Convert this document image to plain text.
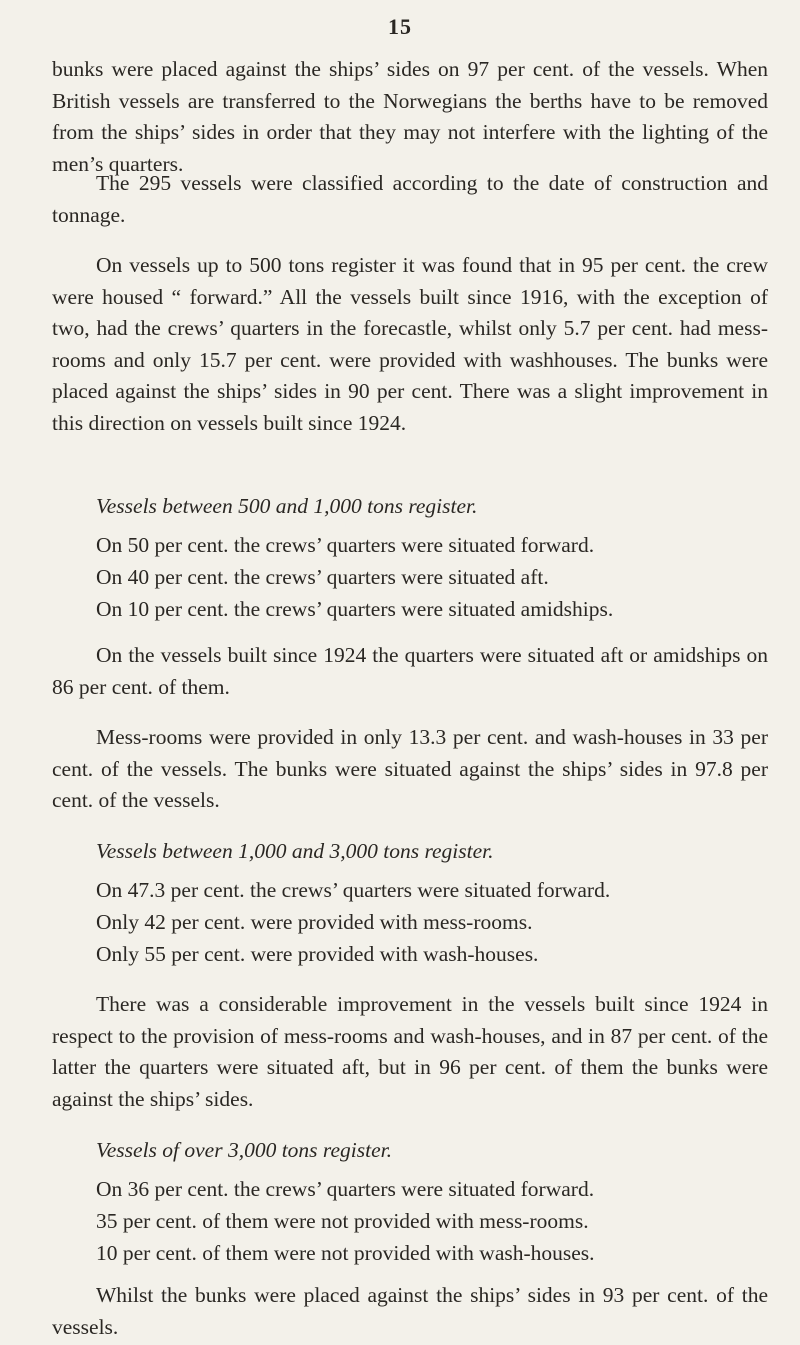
15

bunks were placed against the ships’ sides on 97 per cent. of the vessels. When British vessels are transferred to the Norwegians the berths have to be removed from the ships’ sides in order that they may not interfere with the lighting of the men’s quarters.

The 295 vessels were classified according to the date of construction and tonnage.

On vessels up to 500 tons register it was found that in 95 per cent. the crew were housed “ forward.” All the vessels built since 1916, with the exception of two, had the crews’ quarters in the forecastle, whilst only 5.7 per cent. had mess-rooms and only 15.7 per cent. were provided with washhouses. The bunks were placed against the ships’ sides in 90 per cent. There was a slight improvement in this direction on vessels built since 1924.

Vessels between 500 and 1,000 tons register.
On 50 per cent. the crews’ quarters were situated forward.
On 40 per cent. the crews’ quarters were situated aft.
On 10 per cent. the crews’ quarters were situated amidships.

On the vessels built since 1924 the quarters were situated aft or amidships on 86 per cent. of them.

Mess-rooms were provided in only 13.3 per cent. and wash-houses in 33 per cent. of the vessels. The bunks were situated against the ships’ sides in 97.8 per cent. of the vessels.

Vessels between 1,000 and 3,000 tons register.
On 47.3 per cent. the crews’ quarters were situated forward.
Only 42 per cent. were provided with mess-rooms.
Only 55 per cent. were provided with wash-houses.

There was a considerable improvement in the vessels built since 1924 in respect to the provision of mess-rooms and wash-houses, and in 87 per cent. of the latter the quarters were situated aft, but in 96 per cent. of them the bunks were against the ships’ sides.

Vessels of over 3,000 tons register.
On 36 per cent. the crews’ quarters were situated forward.
35 per cent. of them were not provided with mess-rooms.
10 per cent. of them were not provided with wash-houses.

Whilst the bunks were placed against the ships’ sides in 93 per cent. of the vessels.
